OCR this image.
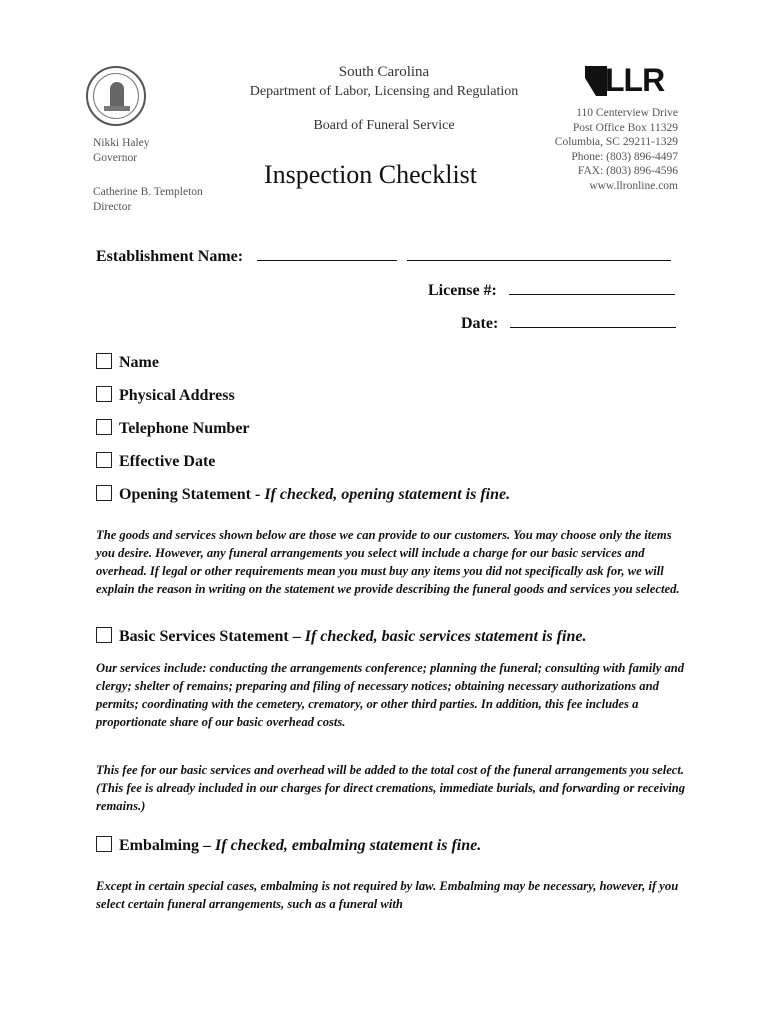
Nikki Haley
Governor
Catherine B. Templeton
Director
South Carolina
Department of Labor, Licensing and Regulation
Board of Funeral Service
LLR
110 Centerview Drive
Post Office Box 11329
Columbia, SC 29211-1329
Phone: (803) 896-4497
FAX: (803) 896-4596
www.llronline.com
Inspection Checklist
Establishment Name:
License #:
Date:
Name
Physical Address
Telephone Number
Effective Date
Opening Statement - If checked, opening statement is fine.
The goods and services shown below are those we can provide to our customers. You may choose only the items you desire. However, any funeral arrangements you select will include a charge for our basic services and overhead. If legal or other requirements mean you must buy any items you did not specifically ask for, we will explain the reason in writing on the statement we provide describing the funeral goods and services you selected.
Basic Services Statement – If checked, basic services statement is fine.
Our services include: conducting the arrangements conference; planning the funeral; consulting with family and clergy; shelter of remains; preparing and filing of necessary notices; obtaining necessary authorizations and permits; coordinating with the cemetery, crematory, or other third parties. In addition, this fee includes a proportionate share of our basic overhead costs.
This fee for our basic services and overhead will be added to the total cost of the funeral arrangements you select. (This fee is already included in our charges for direct cremations, immediate burials, and forwarding or receiving remains.)
Embalming – If checked, embalming statement is fine.
Except in certain special cases, embalming is not required by law. Embalming may be necessary, however, if you select certain funeral arrangements, such as a funeral with
